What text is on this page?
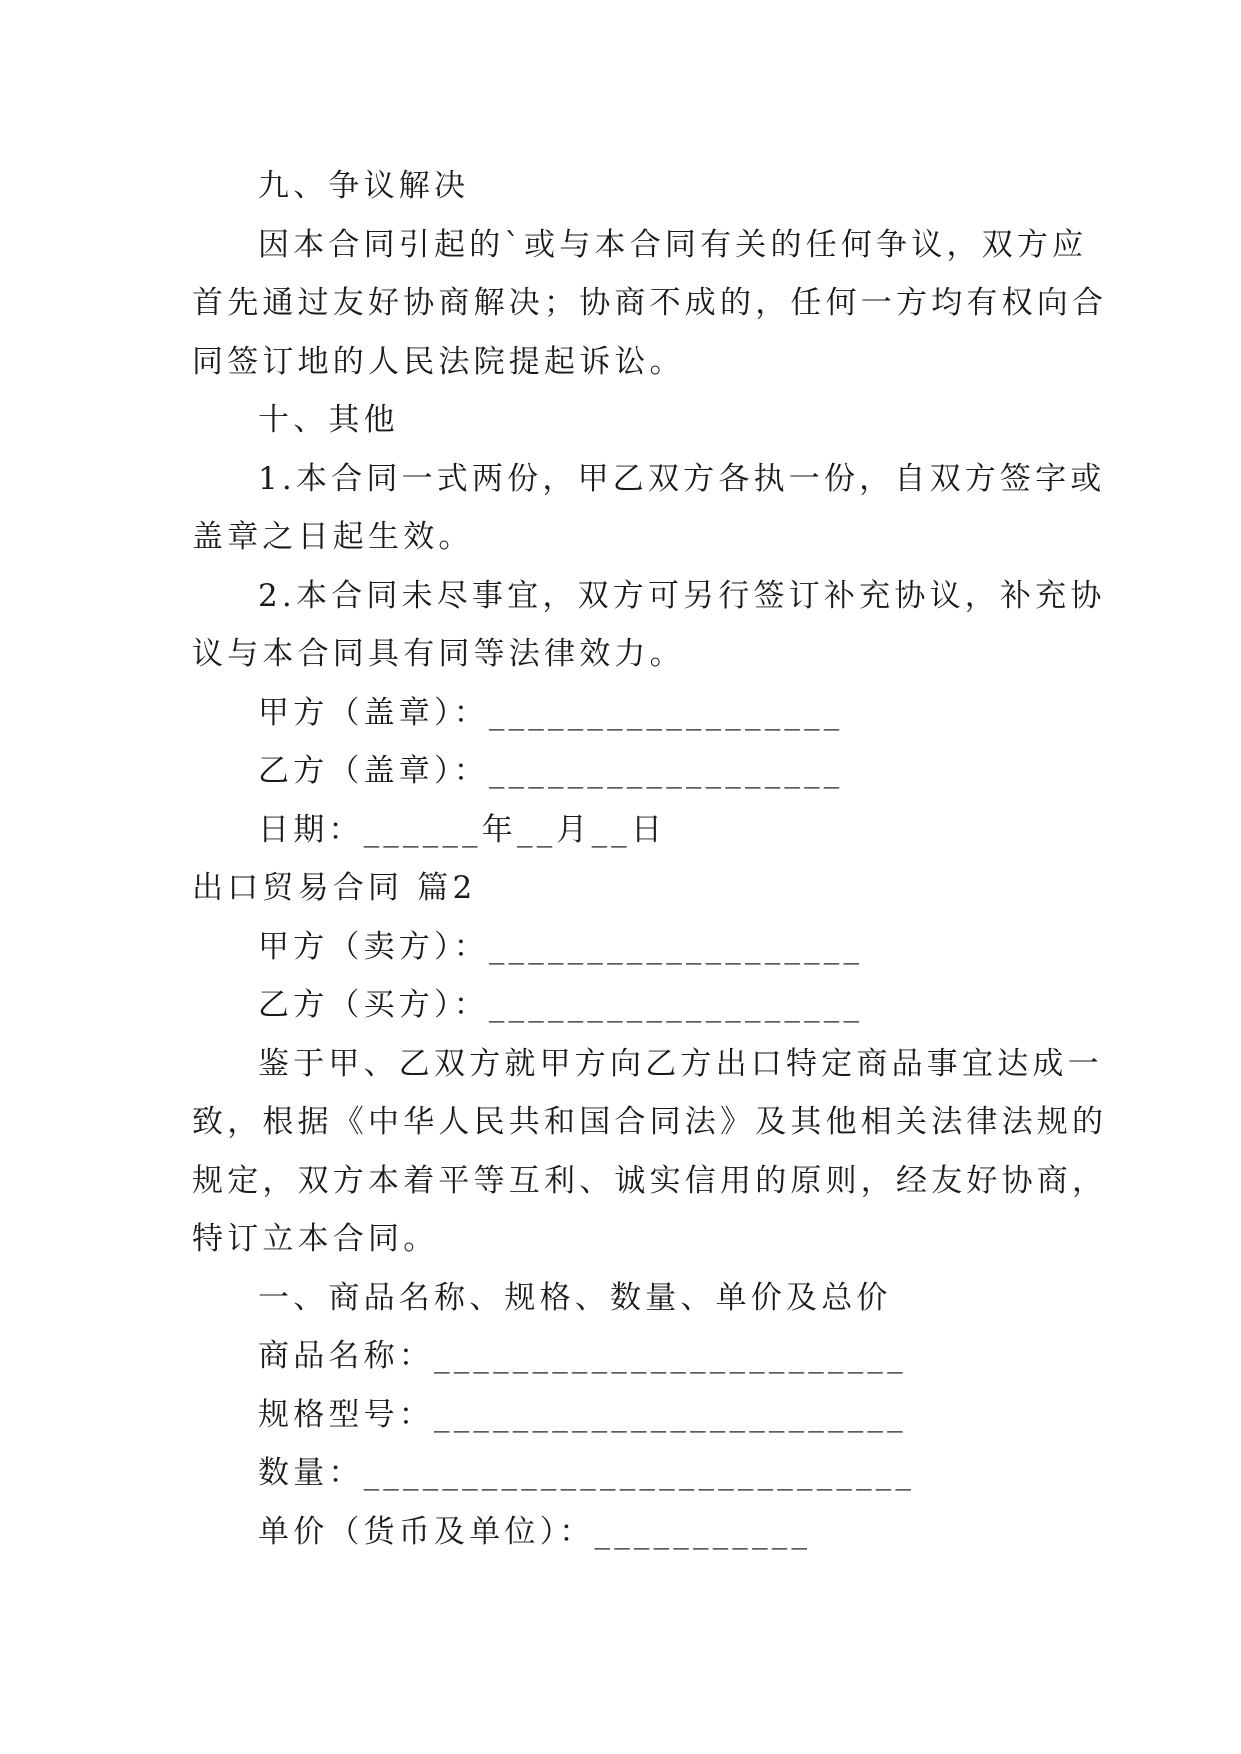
九、争议解决
因本合同引起的`或与本合同有关的任何争议，双方应
首先通过友好协商解决；协商不成的，任何一方均有权向合
同签订地的人民法院提起诉讼。
十、其他
1.本合同一式两份，甲乙双方各执一份，自双方签字或
盖章之日起生效。
2.本合同未尽事宜，双方可另行签订补充协议，补充协
议与本合同具有同等法律效力。
甲方（盖章）：__________________
乙方（盖章）：__________________
日期：______年__月__日
出口贸易合同 篇2
甲方（卖方）：___________________
乙方（买方）：___________________
鉴于甲、乙双方就甲方向乙方出口特定商品事宜达成一
致，根据《中华人民共和国合同法》及其他相关法律法规的
规定，双方本着平等互利、诚实信用的原则，经友好协商，
特订立本合同。
一、商品名称、规格、数量、单价及总价
商品名称：________________________
规格型号：________________________
数量：____________________________
单价（货币及单位）：___________
